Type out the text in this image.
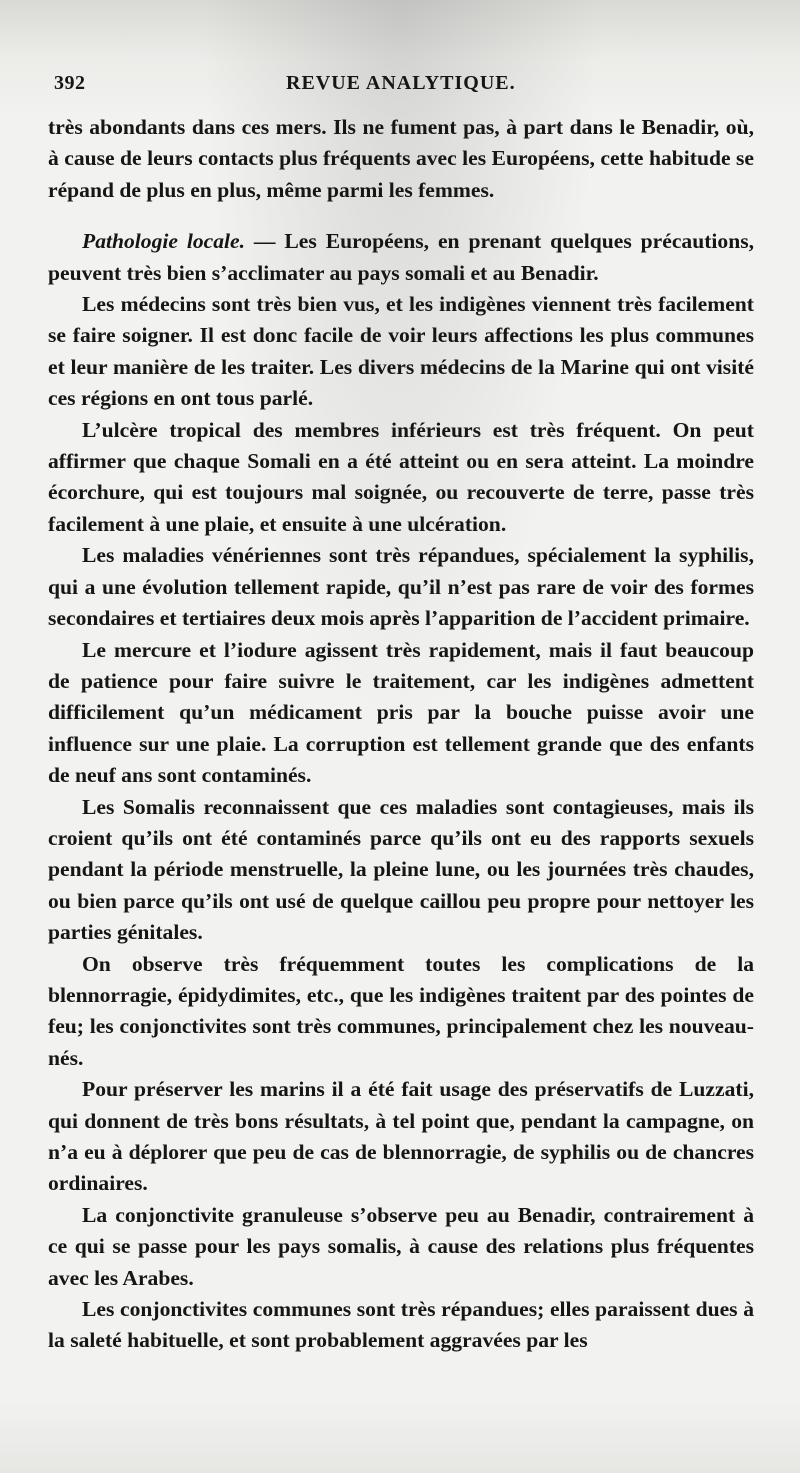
392	REVUE ANALYTIQUE.

très abondants dans ces mers. Ils ne fument pas, à part dans le Benadir, où, à cause de leurs contacts plus fréquents avec les Européens, cette habitude se répand de plus en plus, même parmi les femmes.

Pathologie locale. — Les Européens, en prenant quelques précautions, peuvent très bien s’acclimater au pays somali et au Benadir.

Les médecins sont très bien vus, et les indigènes viennent très facilement se faire soigner. Il est donc facile de voir leurs affections les plus communes et leur manière de les traiter. Les divers médecins de la Marine qui ont visité ces régions en ont tous parlé.

L’ulcère tropical des membres inférieurs est très fréquent. On peut affirmer que chaque Somali en a été atteint ou en sera atteint. La moindre écorchure, qui est toujours mal soignée, ou recouverte de terre, passe très facilement à une plaie, et ensuite à une ulcération.

Les maladies vénériennes sont très répandues, spécialement la syphilis, qui a une évolution tellement rapide, qu’il n’est pas rare de voir des formes secondaires et tertiaires deux mois après l’apparition de l’accident primaire.

Le mercure et l’iodure agissent très rapidement, mais il faut beaucoup de patience pour faire suivre le traitement, car les indigènes admettent difficilement qu’un médicament pris par la bouche puisse avoir une influence sur une plaie. La corruption est tellement grande que des enfants de neuf ans sont contaminés.

Les Somalis reconnaissent que ces maladies sont contagieuses, mais ils croient qu’ils ont été contaminés parce qu’ils ont eu des rapports sexuels pendant la période menstruelle, la pleine lune, ou les journées très chaudes, ou bien parce qu’ils ont usé de quelque caillou peu propre pour nettoyer les parties génitales.

On observe très fréquemment toutes les complications de la blennorragie, épidydimites, etc., que les indigènes traitent par des pointes de feu; les conjonctivites sont très communes, principalement chez les nouveau-nés.

Pour préserver les marins il a été fait usage des préservatifs de Luzzati, qui donnent de très bons résultats, à tel point que, pendant la campagne, on n’a eu à déplorer que peu de cas de blennorragie, de syphilis ou de chancres ordinaires.

La conjonctivite granuleuse s’observe peu au Benadir, contrairement à ce qui se passe pour les pays somalis, à cause des relations plus fréquentes avec les Arabes.

Les conjonctivites communes sont très répandues; elles paraissent dues à la saleté habituelle, et sont probablement aggravées par les
